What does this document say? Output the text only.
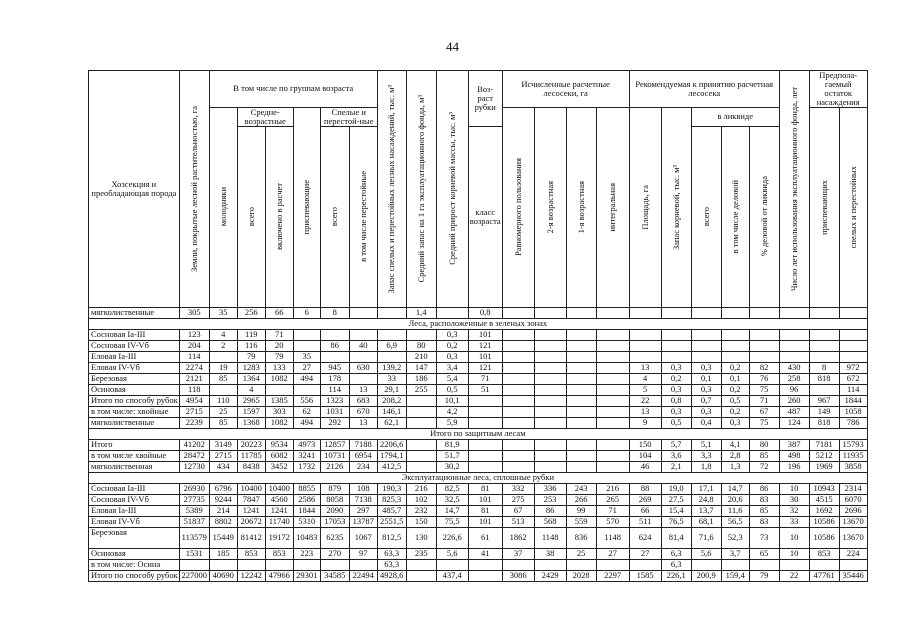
44
Хозсекция и преобладающая порода	Земли, покрытые лесной растительностью, га	В том числе по группам возраста						Запас спелых и перестойных лесных насаждений, тыс. м³	Средний запас на 1 га эксплуатационного фонда, м³	Средний прирост корневой массы, тыс. м³	Воз-раст рубки	Исчисленные расчетные лесосеки, га				Рекомендуемая к принятию расчетная лесосека					Число лет использования эксплуатационного фонда, лет	Предпола-гаемый остаток насаждения	

		молодняки	Средне-возрастные		приспевающие	Спелые и перестой-ные						Равномерного пользования	2-я возрастная	1-я возрастная	интегральная	Площадь, га	Запас корневой, тыс. м³	в ликвиде				приспевающих	спелых и перестойных

			всего	включено в расчет		всего	в том числе перестойные				класс возраста							всего	в том числе деловой	% деловой от ликвида			

мягколиственные	305	35	256	66	6	8			1,4		0,8												
Леса, расположенные в зеленых зонах																							
Сосновая Ia-III	123	4	119	71						0,3	101												
Сосновая IV-Vб	204	2	116	20		86	40	6,9	80	0,2	121												
Еловая Ia-III	114		79	79	35				210	0,3	101												
Еловая IV-Vб	2274	19	1283	133	27	945	630	139,2	147	3,4	121					13	0,3	0,3	0,2	82	430	8	972
Березовая	2121	85	1364	1082	494	178		33	186	5,4	71					4	0,2	0,1	0,1	76	258	818	672
Осиновая	118		4			114	13	29,1	255	0,5	51					5	0,3	0,3	0,2	75	96		114
Итого по способу рубок	4954	110	2965	1385	556	1323	683	208,2		10,1						22	0,8	0,7	0,5	71	260	967	1844
в том числе: хвойные	2715	25	1597	303	62	1031	670	146,1		4,2						13	0,3	0,3	0,2	67	487	149	1058
мягколиственные	2239	85	1368	1082	494	292	13	62,1		5,9						9	0,5	0,4	0,3	75	124	818	786
Итого по защитным лесам																							
Итого	41202	3149	20223	9534	4973	12857	7188	2206,6		81,9						150	5,7	5,1	4,1	80	387	7181	15793
в том числе хвойные	28472	2715	11785	6082	3241	10731	6954	1794,1		51,7						104	3,6	3,3	2,8	85	498	5212	11935
мягколиственная	12730	434	8438	3452	1732	2126	234	412,5		30,2						46	2,1	1,8	1,3	72	196	1969	3858
Эксплуатационные леса, сплошные рубки																							
Сосновая Ia-III	26930	6796	10400	10400	8855	879	108	190,3	216	82,5	81	332	336	243	216	88	19,0	17,1	14,7	86	10	10943	2314
Сосновая IV-Vб	27735	9244	7847	4560	2586	8058	7138	825,3	102	32,5	101	275	253	266	265	269	27,5	24,8	20,6	83	30	4515	6070
Еловая Ia-III	5389	214	1241	1241	1844	2090	297	485,7	232	14,7	81	67	86	99	71	66	15,4	13,7	11,6	85	32	1692	2696
Еловая IV-Vб	51837	8802	20672	11740	5310	17053	13787	2551,5	150	75,5	101	513	568	559	570	511	76,5	68,1	56,5	83	33	10586	13670
Березовая	113579	15449	81412	19172	10483	6235	1067	812,5	130	226,6	61	1862	1148	836	1148	624	81,4	71,6	52,3	73	10	10586	13670
Осиновая	1531	185	853	853	223	270	97	63,3	235	5,6	41	37	38	25	27	27	6,3	5,6	3,7	65	10	853	224
в том числе: Осина								63,3									6,3						
Итого по способу рубок	227000	40690	12242	47966	29301	34585	22494	4928,6		437,4		3086	2429	2028	2297	1585	226,1	200,9	159,4	79	22	47761	35446
